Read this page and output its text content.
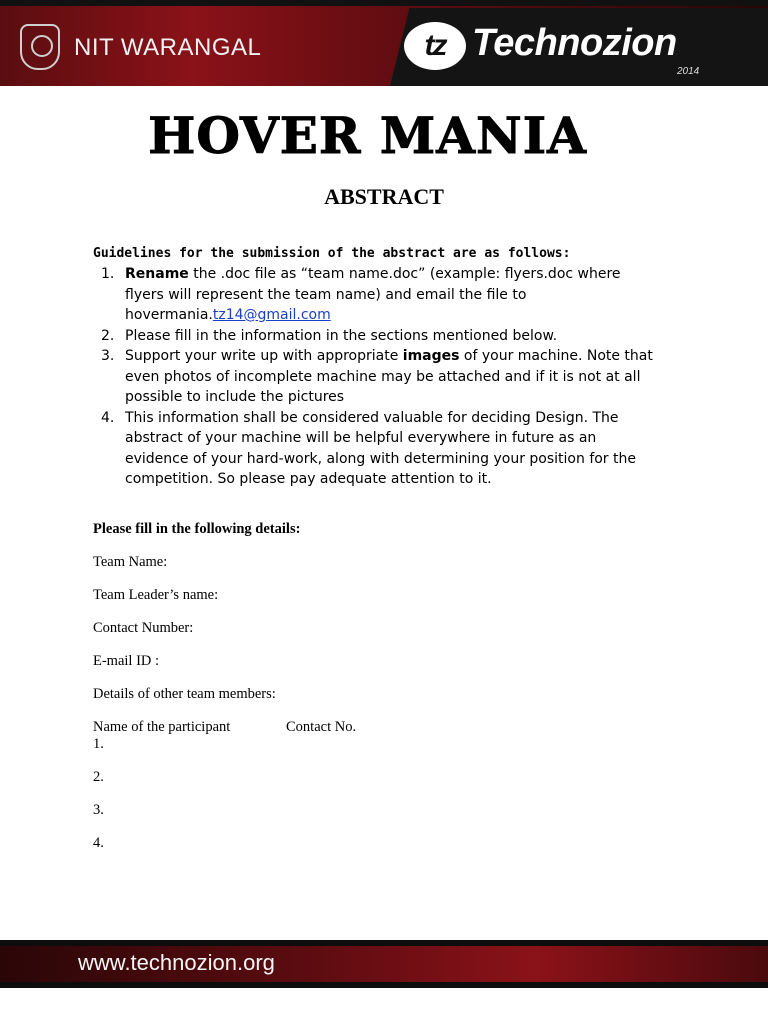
NIT WARANGAL	tz Technozion
2014
HOVER MANIA
ABSTRACT
Guidelines for the submission of the abstract are as follows:
1. Rename the .doc file as “team name.doc” (example: flyers.doc where flyers will represent the team name) and email the file to hovermania.tz14@gmail.com
2. Please fill in the information in the sections mentioned below.
3. Support your write up with appropriate images of your machine. Note that even photos of incomplete machine may be attached and if it is not at all possible to include the pictures
4. This information shall be considered valuable for deciding Design. The abstract of your machine will be helpful everywhere in future as an evidence of your hard-work, along with determining your position for the competition. So please pay adequate attention to it.
Please fill in the following details:
Team Name:
Team Leader’s name:
Contact Number:
E-mail ID :
Details of other team members:
Name of the participant	Contact No.
1.
2.
3.
4.
www.technozion.org
